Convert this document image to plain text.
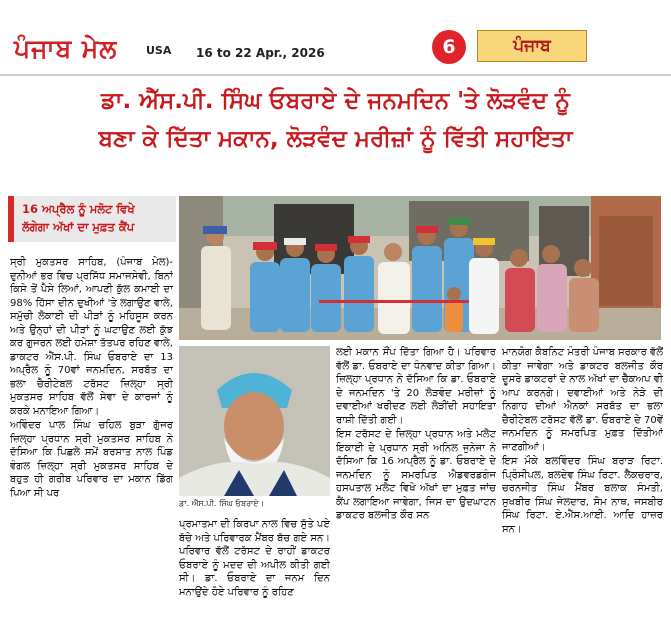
ਪੰਜਾਬ ਮੇਲ	USA 16 to 22 Apr., 2026	6	ਪੰਜਾਬ
ਡਾ. ਐੱਸ.ਪੀ. ਸਿੰਘ ਓਬਰਾਏ ਦੇ ਜਨਮਦਿਨ 'ਤੇ ਲੋੜਵੰਦ ਨੂੰ
ਬਣਾ ਕੇ ਦਿੱਤਾ ਮਕਾਨ, ਲੋੜਵੰਦ ਮਰੀਜ਼ਾਂ ਨੂੰ ਵਿੱਤੀ ਸਹਾਇਤਾ
16 ਅਪ੍ਰੈਲ ਨੂੰ ਮਲੋਟ ਵਿਖੇ
ਲੱਗੇਗਾ ਅੱਖਾਂ ਦਾ ਮੁਫ਼ਤ ਕੈਂਪ
ਡਾ. ਐੱਸ.ਪੀ. ਸਿੰਘ ਓਬਰਾਏ।

ਸ੍ਰੀ ਮੁਕਤਸਰ ਸਾਹਿਬ, (ਪੰਜਾਬ ਮੇਲ)- ਦੁਨੀਆਂ ਭਰ ਵਿਚ ਪ੍ਰਸਿੱਧ ਸਮਾਜਸੇਵੀ, ਬਿਨਾਂ ਕਿਸੇ ਤੋਂ ਪੈਸੇ ਲਿਆਂ, ਆਪਣੀ ਕੁੱਲ ਕਮਾਈ ਦਾ 98% ਹਿੱਸਾ ਦੀਨ ਦੁਖੀਆਂ 'ਤੇ ਲਗਾਉਣ ਵਾਲੇ, ਸਮੁੱਚੀ ਲੋਕਾਈ ਦੀ ਪੀੜਾਂ ਨੂੰ ਮਹਿਸੂਸ ਕਰਨ ਅਤੇ ਉਨ੍ਹਾਂ ਦੀ ਪੀੜਾਂ ਨੂੰ ਘਟਾਉਣ ਲਈ ਕੁੱਝ ਕਰ ਗੁਜਰਨ ਲਈ ਹਮੇਸ਼ਾ ਤੱਤਪਰ ਰਹਿਣ ਵਾਲੇ, ਡਾਕਟਰ ਐੱਸ.ਪੀ. ਸਿੰਘ ਓਬਰਾਏ ਦਾ 13 ਅਪ੍ਰੈਲ ਨੂੰ 70ਵਾਂ ਜਨਮਦਿਨ, ਸਰਬੱਤ ਦਾ ਭਲਾ ਚੈਰੀਟੇਬਲ ਟਰੱਸਟ ਜ਼ਿਲ੍ਹਾ ਸ੍ਰੀ ਮੁਕਤਸਰ ਸਾਹਿਬ ਵੱਲੋਂ ਸੇਵਾ ਦੇ ਕਾਰਜਾਂ ਨੂੰ ਕਰਕੇ ਮਨਾਇਆ ਗਿਆ।

ਅਵਿੰਦਰ ਪਾਲ ਸਿੰਘ ਚਹਿਲ ਬੁੜਾ ਗੁੱਜਰ ਜ਼ਿਲ੍ਹਾ ਪ੍ਰਧਾਨ ਸ੍ਰੀ ਮੁਕਤਸਰ ਸਾਹਿਬ ਨੇ ਦੱਸਿਆ ਕਿ ਪਿਛਲੇ ਸਮੇਂ ਬਰਸਾਤ ਨਾਲ ਪਿੰਡ ਵੰਗਲ ਜ਼ਿਲ੍ਹਾ ਸ੍ਰੀ ਮੁਕਤਸਰ ਸਾਹਿਬ ਦੇ ਬਹੁਤ ਹੀ ਗਰੀਬ ਪਰਿਵਾਰ ਦਾ ਮਕਾਨ ਡਿੱਗ ਪਿਆ ਸੀ ਪਰ

ਪ੍ਰਮਾਤਮਾ ਦੀ ਕਿਰਪਾ ਨਾਲ ਵਿਚ ਸੁੱਤੇ ਪਏ ਬੱਚੇ ਅਤੇ ਪਰਿਵਾਰਕ ਮੈਂਬਰ ਬੱਚ ਗਏ ਸਨ। ਪਰਿਵਾਰ ਵੱਲੋਂ ਟਰੱਸਟ ਦੇ ਰਾਹੀਂ ਡਾਕਟਰ ਓਬਰਾਏ ਨੂੰ ਮਦਦ ਦੀ ਅਪੀਲ ਕੀਤੀ ਗਈ ਸੀ। ਡਾ. ਓਬਰਾਏ ਦਾ ਜਨਮ ਦਿਨ ਮਨਾਉਂਦੇ ਹੋਏ ਪਰਿਵਾਰ ਨੂੰ ਰਹਿਣ

ਲਈ ਮਕਾਨ ਸੌਂਪ ਦਿੱਤਾ ਗਿਆ ਹੈ। ਪਰਿਵਾਰ ਵੱਲੋਂ ਡਾ. ਓਬਰਾਏ ਦਾ ਧੰਨਵਾਦ ਕੀਤਾ ਗਿਆ। ਜ਼ਿਲ੍ਹਾ ਪ੍ਰਧਾਨ ਨੇ ਦੱਸਿਆ ਕਿ ਡਾ. ਓਬਰਾਏ ਦੇ ਜਨਮਦਿਨ 'ਤੇ 20 ਲੋੜਵੰਦ ਮਰੀਜ਼ਾਂ ਨੂੰ ਦਵਾਈਆਂ ਖਰੀਦਣ ਲਈ ਲੋੜੀਂਦੀ ਸਹਾਇਤਾ ਰਾਸ਼ੀ ਦਿੱਤੀ ਗਈ।

ਇਸ ਟਰੱਸਟ ਦੇ ਜ਼ਿਲ੍ਹਾ ਪ੍ਰਧਾਨ ਅਤੇ ਮਲੋਟ ਇਕਾਈ ਦੇ ਪ੍ਰਧਾਨ ਸ੍ਰੀ ਅਨਿਲ ਜੁਨੇਜਾ ਨੇ ਦੱਸਿਆ ਕਿ 16 ਅਪ੍ਰੈਲ ਨੂੰ ਡਾ. ਓਬਰਾਏ ਦੇ ਜਨਮਦਿਨ ਨੂੰ ਸਮਰਪਿਤ ਐਡਵਰਡਗੰਜ ਹਸਪਤਾਲ ਮਲੋਟ ਵਿਖੇ ਅੱਖਾਂ ਦਾ ਮੁਫ਼ਤ ਜਾਂਚ ਕੈਂਪ ਲਗਾਇਆ ਜਾਵੇਗਾ, ਜਿਸ ਦਾ ਉਦਘਾਟਨ ਡਾਕਟਰ ਬਲਜੀਤ ਕੌਰ ਸਨ

ਮਾਨਯੋਗ ਕੈਬਨਿਟ ਮੰਤਰੀ ਪੰਜਾਬ ਸਰਕਾਰ ਵੱਲੋਂ ਕੀਤਾ ਜਾਵੇਗਾ ਅਤੇ ਡਾਕਟਰ ਬਲਜੀਤ ਕੌਰ ਦੂਸਰੇ ਡਾਕਟਰਾਂ ਦੇ ਨਾਲ ਅੱਖਾਂ ਦਾ ਚੈੱਕਅਪ ਵੀ ਆਪ ਕਰਨਗੇ। ਦਵਾਈਆਂ ਅਤੇ ਨੇੜੇ ਦੀ ਨਿਗਾਹ ਦੀਆਂ ਐਨਕਾਂ ਸਰਬੱਤ ਦਾ ਭਲਾ ਚੈਰੀਟੇਬਲ ਟਰੱਸਟ ਵੱਲੋਂ ਡਾ. ਓਬਰਾਏ ਦੇ 70ਵੇਂ ਜਨਮਦਿਨ ਨੂੰ ਸਮਰਪਿਤ ਮੁਫ਼ਤ ਦਿੱਤੀਆਂ ਜਾਣਗੀਆਂ।

ਇਸ ਮੌਕੇ ਬਲਵਿੰਦਰ ਸਿੰਘ ਬਰਾੜ ਰਿਟਾ. ਪ੍ਰਿੰਸੀਪਲ, ਬਲਦੇਵ ਸਿੰਘ ਰਿਟਾ. ਲੈਕਚਰਾਰ, ਚਰਨਜੀਤ ਸਿੰਘ ਮੈਂਬਰ ਬਲਾਕ ਸੰਮਤੀ, ਸੁਖਬੀਰ ਸਿੰਘ ਜੇਲਦਾਰ, ਸੋਮ ਨਾਥ, ਜਸਬੀਰ ਸਿੰਘ ਰਿਟਾ. ਏ.ਐੱਸ.ਆਈ. ਆਦਿ ਹਾਜ਼ਰ ਸਨ।
